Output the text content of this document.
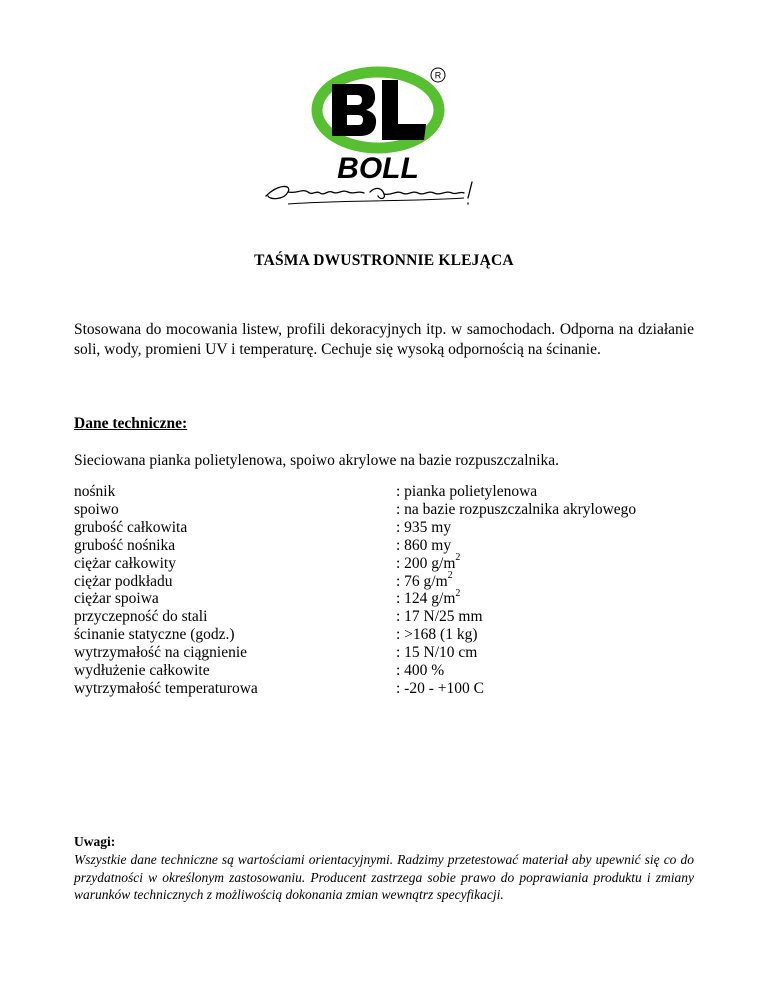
R
BOLL
TAŚMA DWUSTRONNIE KLEJĄCA
Stosowana do mocowania listew, profili dekoracyjnych itp. w samochodach. Odporna na działanie soli, wody, promieni UV i temperaturę. Cechuje się wysoką odpornością na ścinanie.
Dane techniczne:
Sieciowana pianka polietylenowa, spoiwo akrylowe na bazie rozpuszczalnika.
nośnik	: pianka polietylenowa
spoiwo	: na bazie rozpuszczalnika akrylowego
grubość całkowita	: 935 my
grubość nośnika	: 860 my
ciężar całkowity	: 200 $g/m^2$
ciężar podkładu	: 76 $g/m^2$
ciężar spoiwa	: 124 $g/m^2$
przyczepność do stali	: 17 N/25 mm
ścinanie statyczne (godz.)	: >168 (1 kg)
wytrzymałość na ciągnienie	: 15 N/10 cm
wydłużenie całkowite	: 400 %
wytrzymałość temperaturowa	: -20 - +100 C
Uwagi:
Wszystkie dane techniczne są wartościami orientacyjnymi. Radzimy przetestować materiał aby upewnić się co do przydatności w określonym zastosowaniu. Producent zastrzega sobie prawo do poprawiania produktu i zmiany warunków technicznych z możliwością dokonania zmian wewnątrz specyfikacji.
